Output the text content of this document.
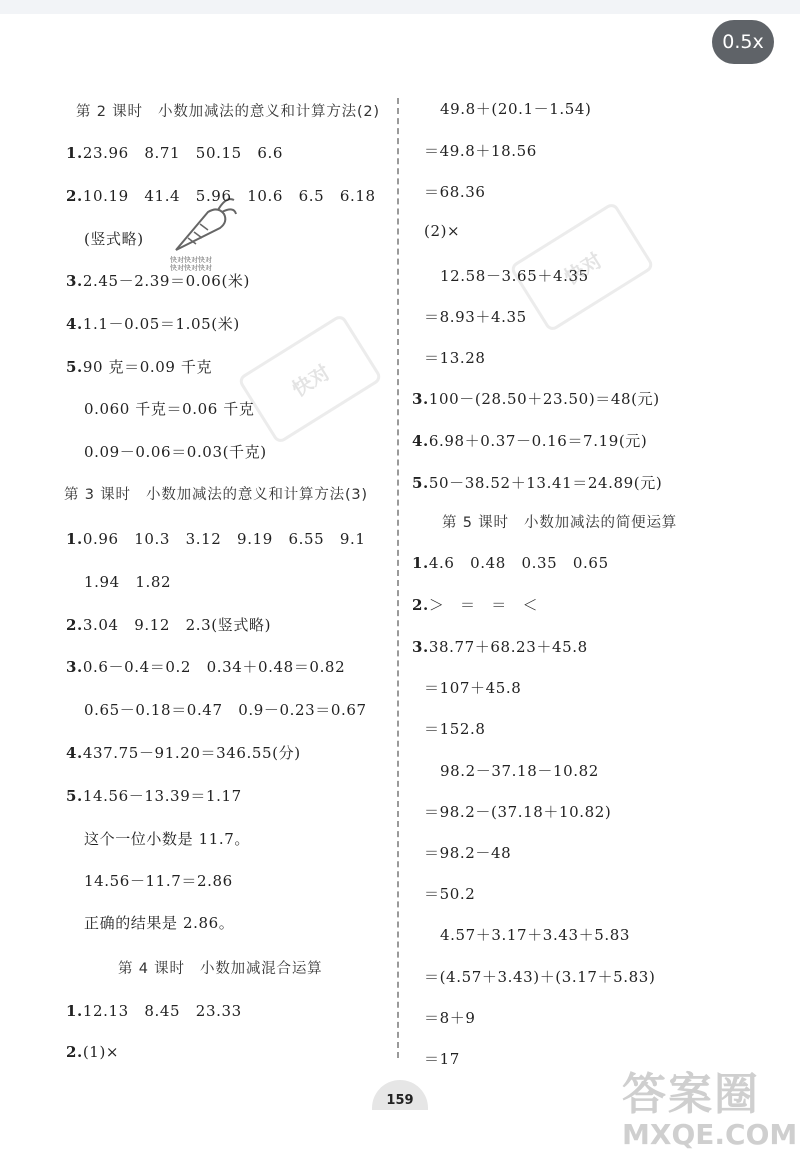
0.5x
快对
快对
快对快对快对
快对快对快对
第 2 课时　小数加减法的意义和计算方法(2)
1.23.96　8.71　50.15　6.6
2.10.19　41.4　5.96　10.6　6.5　6.18
(竖式略)
3.2.45－2.39＝0.06(米)
4.1.1－0.05＝1.05(米)
5.90 克＝0.09 千克
0.060 千克＝0.06 千克
0.09－0.06＝0.03(千克)
第 3 课时　小数加减法的意义和计算方法(3)
1.0.96　10.3　3.12　9.19　6.55　9.1
1.94　1.82
2.3.04　9.12　2.3(竖式略)
3.0.6－0.4＝0.2　0.34＋0.48＝0.82
0.65－0.18＝0.47　0.9－0.23＝0.67
4.437.75－91.20＝346.55(分)
5.14.56－13.39＝1.17
这个一位小数是 11.7。
14.56－11.7＝2.86
正确的结果是 2.86。
第 4 课时　小数加减混合运算
1.12.13　8.45　23.33
2.(1)×
49.8＋(20.1－1.54)
＝49.8＋18.56
＝68.36
(2)×
12.58－3.65＋4.35
＝8.93＋4.35
＝13.28
3.100－(28.50＋23.50)＝48(元)
4.6.98＋0.37－0.16＝7.19(元)
5.50－38.52＋13.41＝24.89(元)
第 5 课时　小数加减法的简便运算
1.4.6　0.48　0.35　0.65
2.＞　＝　＝　＜
3.38.77＋68.23＋45.8
＝107＋45.8
＝152.8
98.2－37.18－10.82
＝98.2－(37.18＋10.82)
＝98.2－48
＝50.2
4.57＋3.17＋3.43＋5.83
＝(4.57＋3.43)＋(3.17＋5.83)
＝8＋9
＝17
159	答案圈
MXQE.COM
